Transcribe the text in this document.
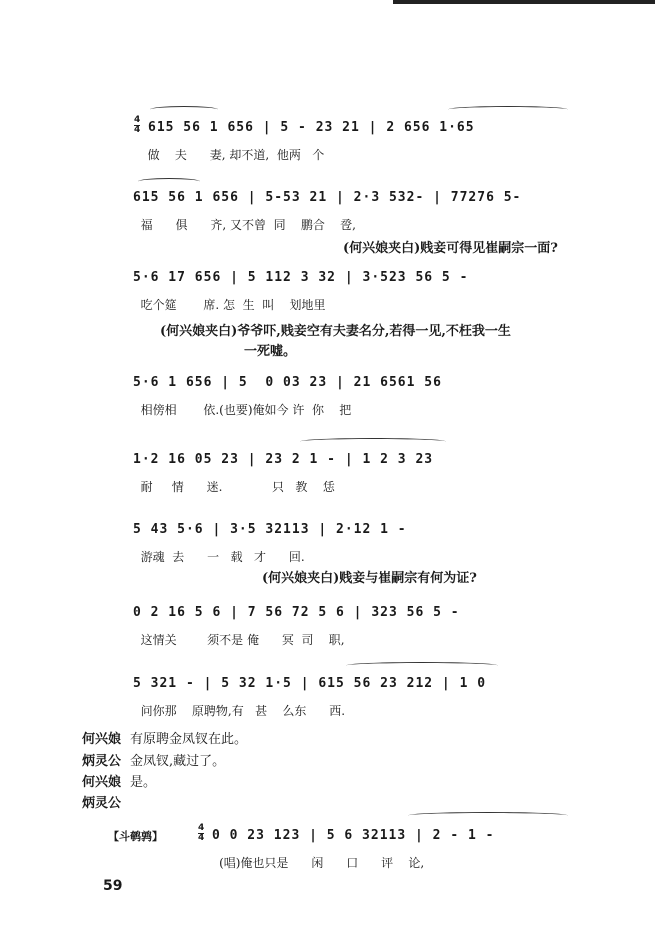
4
4 615 56 1 656 | 5 - 23 21 | 2 656 1·65
做    夫      妻, 却不道,  他两   个
615 56 1 656 | 5-53 21 | 2·3 532- | 77276 5-
福      俱      齐, 又不曾  同    鹏合    卺,
(何兴娘夹白)贱妾可得见崔嗣宗一面?
5·6 17 656 | 5 112 3 32 | 3·523 56 5 -
吃个筵       席. 怎  生  叫    划地里
(何兴娘夹白)爷爷吓,贱妾空有夫妻名分,若得一见,不枉我一生
一死嘘。
5·6 1 656 | 5  0 03 23 | 21 6561 56
相傍相       依.(也要)俺如今 许  你    把
1·2 16 05 23 | 23 2 1 - | 1 2 3 23
耐     情      迷.             只   教    恁
5 43 5·6 | 3·5 32113 | 2·12 1 -
游魂  去      一   载   才      回.
(何兴娘夹白)贱妾与崔嗣宗有何为证?
0 2 16 5 6 | 7 56 72 5 6 | 323 56 5 -
这情关        须不是 俺      冥  司    职,
5 321 - | 5 32 1·5 | 615 56 23 212 | 1 0
问你那    原聘物,有   甚    么东      西.
何兴娘 有原聘金凤钗在此。
炳灵公 金凤钗,藏过了。
何兴娘 是。
炳灵公
【斗鹌鹑】
4
4 0 0 23 123 | 5 6 32113 | 2 - 1 -
(唱)俺也只是      闲      口      评    论,
59
